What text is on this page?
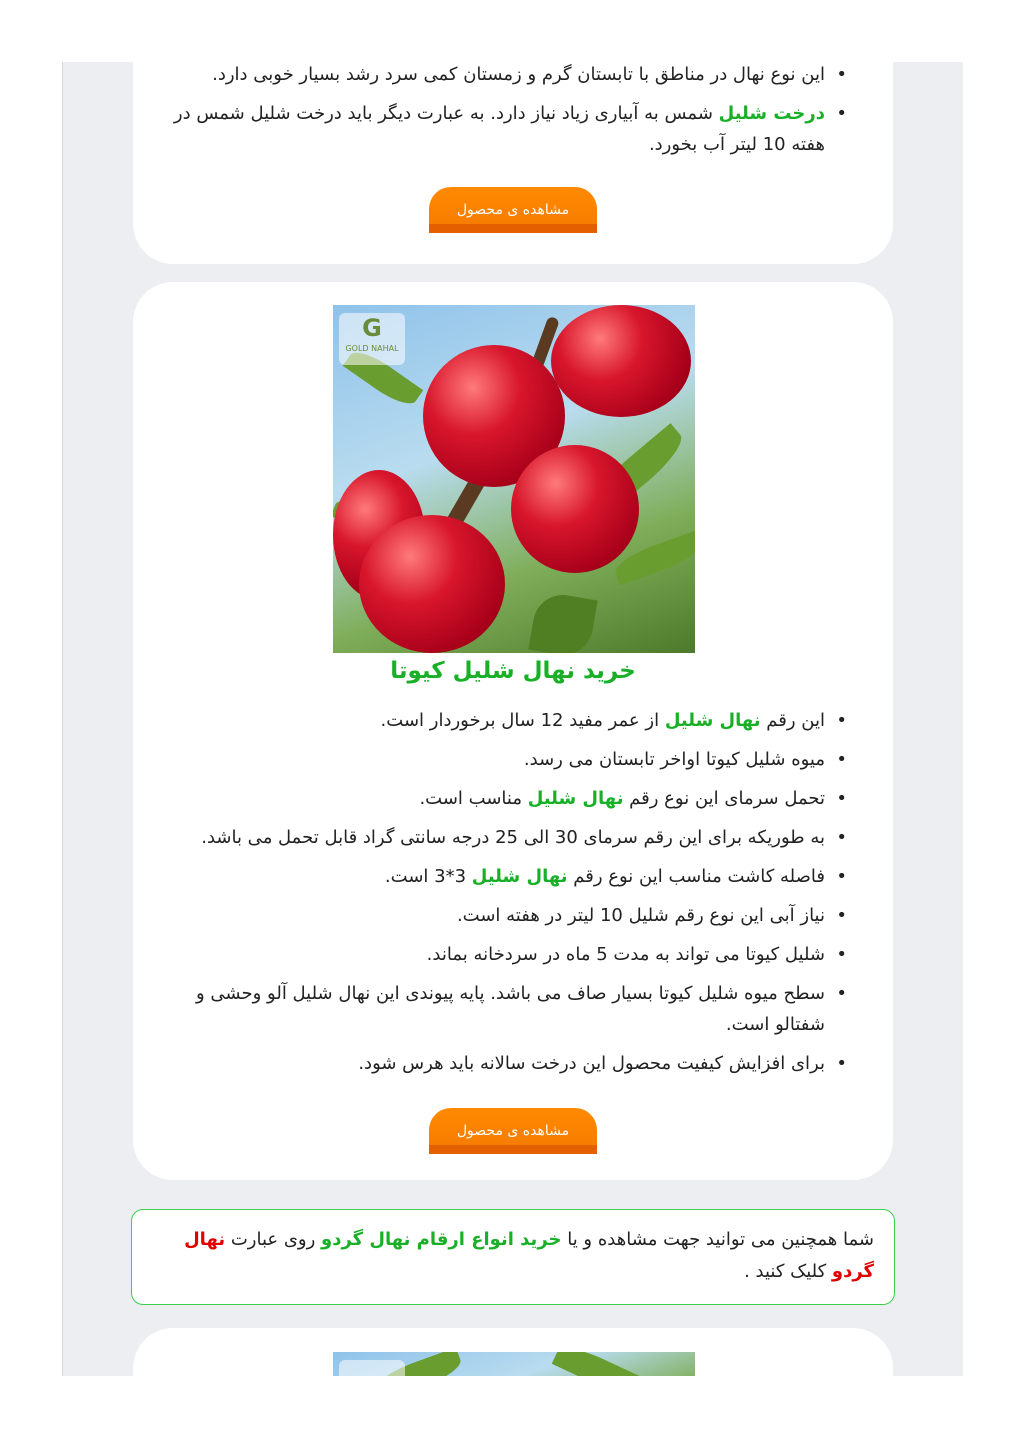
• این نوع نهال در مناطق با تابستان گرم و زمستان کمی سرد رشد بسیار خوبی دارد.
• درخت شلیل شمس به آبیاری زیاد نیاز دارد. به عبارت دیگر باید درخت شلیل شمس در هفته 10 لیتر آب بخورد.
مشاهده ی محصول
G
GOLD NAHAL
خرید نهال شلیل کیوتا
• این رقم نهال شلیل از عمر مفید 12 سال برخوردار است.
• میوه شلیل کیوتا اواخر تابستان می رسد.
• تحمل سرمای این نوع رقم نهال شلیل مناسب است.
• به طوریکه برای این رقم سرمای 30 الی 25 درجه سانتی گراد قابل تحمل می باشد.
• فاصله کاشت مناسب این نوع رقم نهال شلیل 3*3 است.
• نیاز آبی این نوع رقم شلیل 10 لیتر در هفته است.
• شلیل کیوتا می تواند به مدت 5 ماه در سردخانه بماند.
• سطح میوه شلیل کیوتا بسیار صاف می باشد. پایه پیوندی این نهال شلیل آلو وحشی و شفتالو است.
• برای افزایش کیفیت محصول این درخت سالانه باید هرس شود.
مشاهده ی محصول
شما همچنین می توانید جهت مشاهده و یا خرید انواع ارقام نهال گردو روی عبارت نهال گردو کلیک کنید .
